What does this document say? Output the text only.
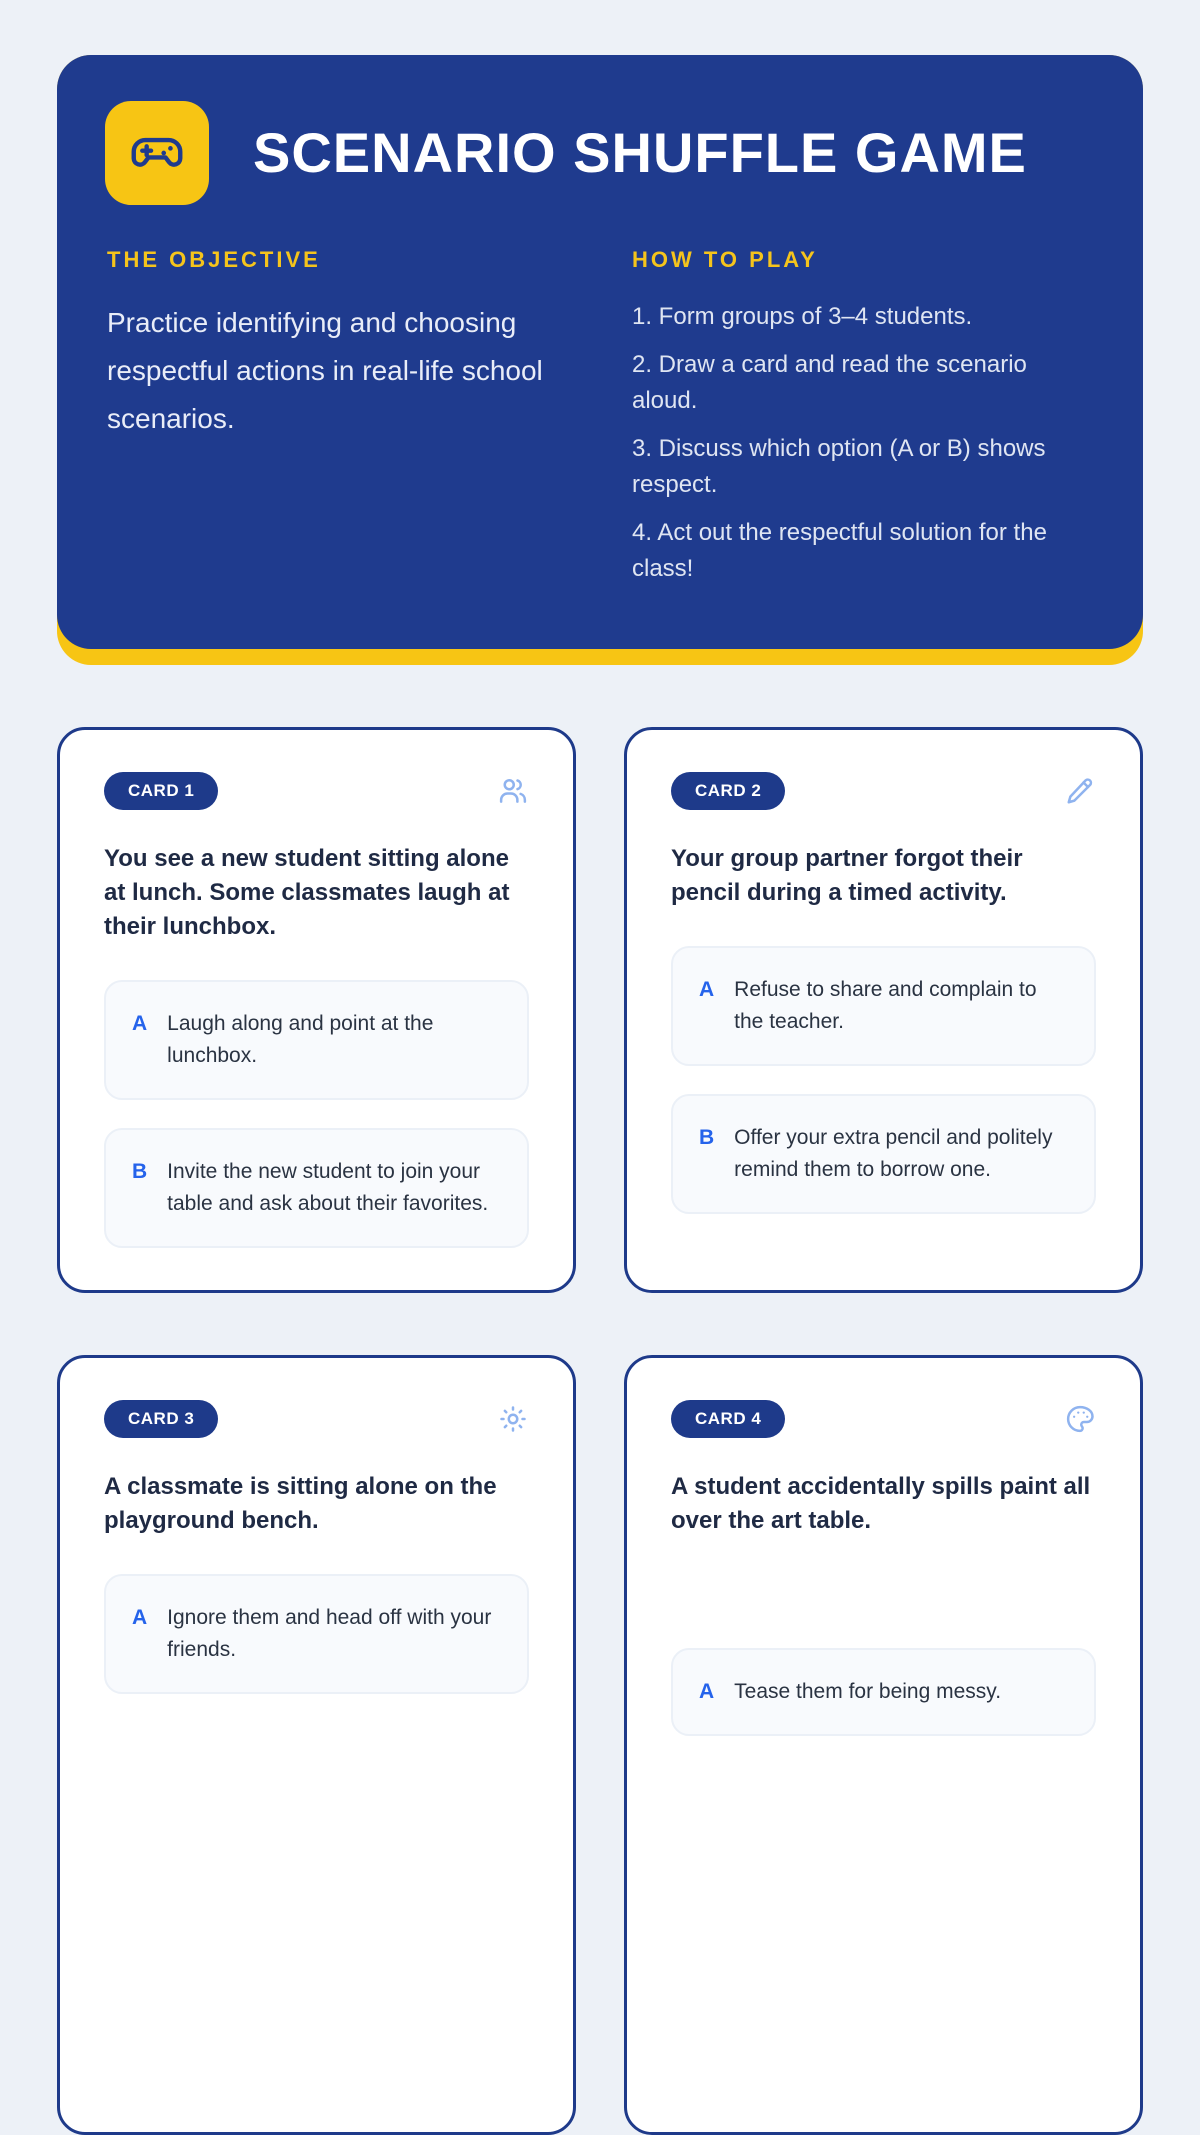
SCENARIO SHUFFLE GAME
THE OBJECTIVE

Practice identifying and choosing respectful actions in real-life school scenarios.

HOW TO PLAY
1. Form groups of 3–4 students.
2. Draw a card and read the scenario aloud.
3. Discuss which option (A or B) shows respect.
4. Act out the respectful solution for the class!
CARD 1
You see a new student sitting alone at lunch. Some classmates laugh at their lunchbox.
A Laugh along and point at the lunchbox.
B Invite the new student to join your table and ask about their favorites.
CARD 2
Your group partner forgot their pencil during a timed activity.
A Refuse to share and complain to the teacher.
B Offer your extra pencil and politely remind them to borrow one.
CARD 3
A classmate is sitting alone on the playground bench.
A Ignore them and head off with your friends.
CARD 4
A student accidentally spills paint all over the art table.
A Tease them for being messy.
